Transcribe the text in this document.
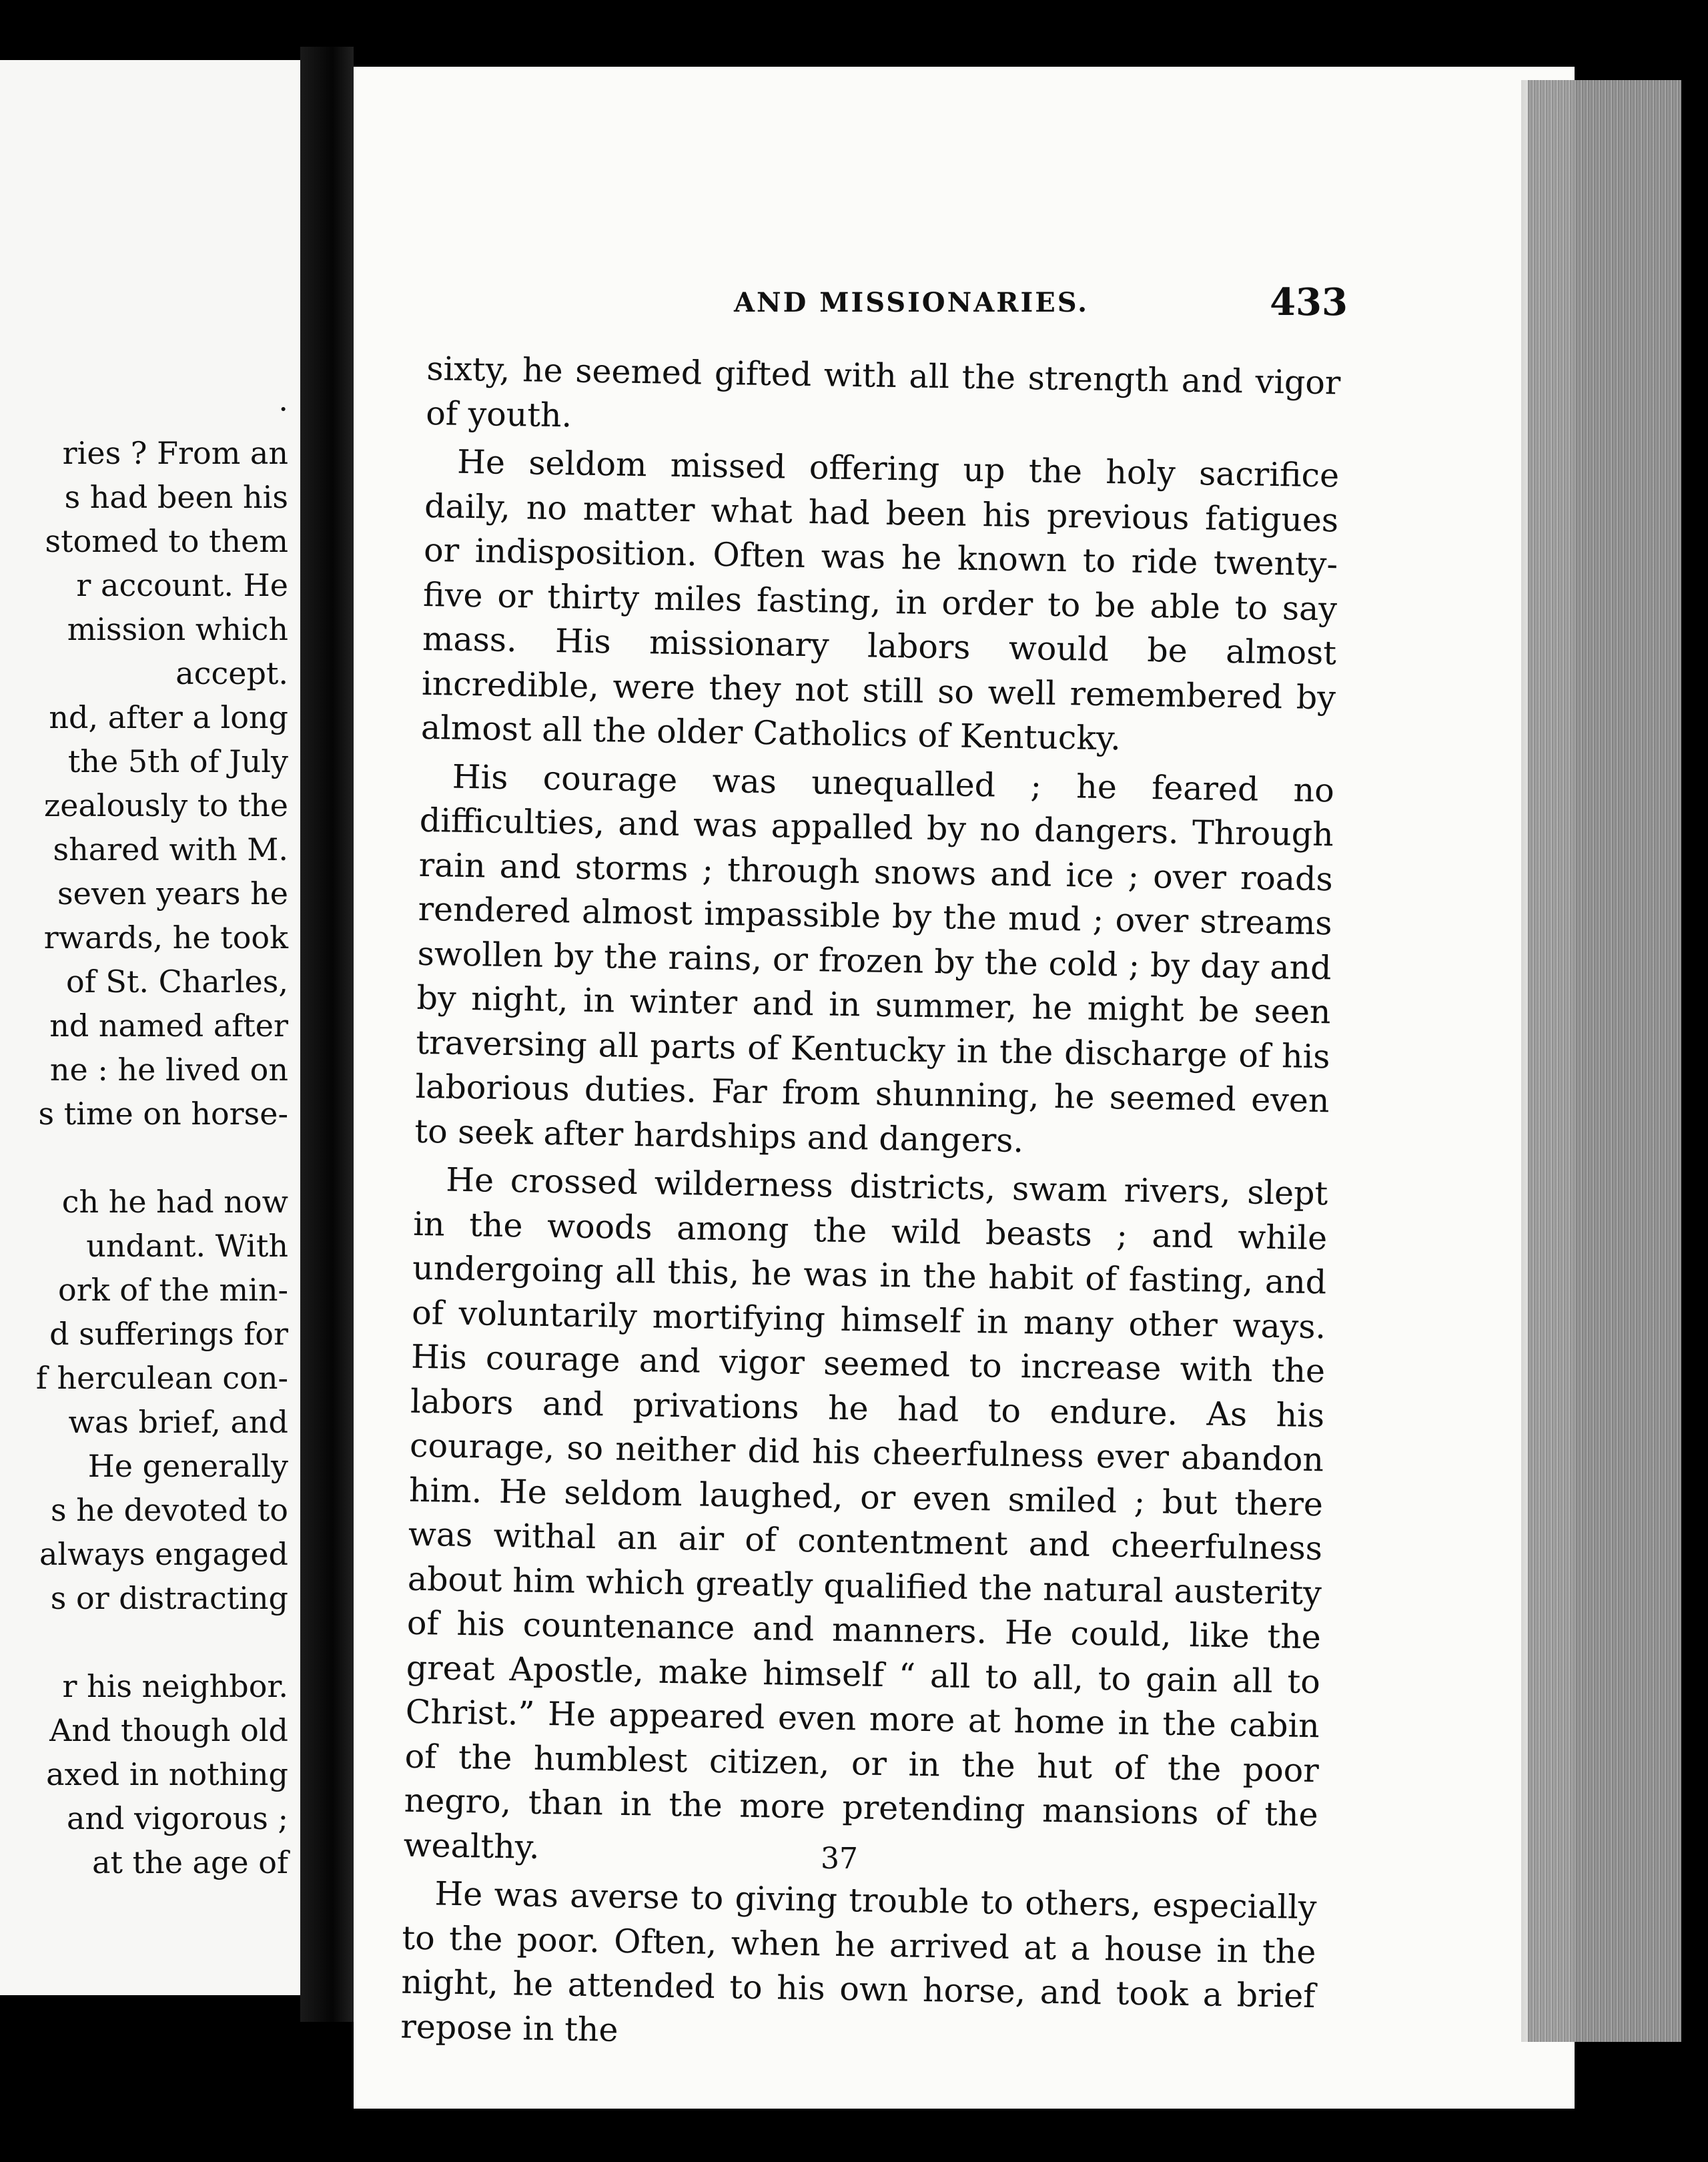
·
ries ? From an
s had been his
stomed to them
r account. He
mission which
accept.
nd, after a long
the 5th of July
zealously to the
shared with M.
seven years he
rwards, he took
of St. Charles,
nd named after
ne : he lived on
s time on horse-
ch he had now
undant. With
ork of the min-
d sufferings for
f herculean con-
was brief, and
He generally
s he devoted to
always engaged
s or distracting
r his neighbor.
And though old
axed in nothing
and vigorous ;
at the age of
AND MISSIONARIES.	433

sixty, he seemed gifted with all the strength and vigor of youth.

He seldom missed offering up the holy sacrifice daily, no matter what had been his previous fatigues or indisposition. Often was he known to ride twenty-five or thirty miles fasting, in order to be able to say mass. His missionary labors would be almost incredible, were they not still so well remembered by almost all the older Catholics of Kentucky.

His courage was unequalled ; he feared no difficulties, and was appalled by no dangers. Through rain and storms ; through snows and ice ; over roads rendered almost impassible by the mud ; over streams swollen by the rains, or frozen by the cold ; by day and by night, in winter and in summer, he might be seen traversing all parts of Kentucky in the discharge of his laborious duties. Far from shunning, he seemed even to seek after hardships and dangers.

He crossed wilderness districts, swam rivers, slept in the woods among the wild beasts ; and while undergoing all this, he was in the habit of fasting, and of voluntarily mortifying himself in many other ways. His courage and vigor seemed to increase with the labors and privations he had to endure. As his courage, so neither did his cheerfulness ever abandon him. He seldom laughed, or even smiled ; but there was withal an air of contentment and cheerfulness about him which greatly qualified the natural austerity of his countenance and manners. He could, like the great Apostle, make himself “ all to all, to gain all to Christ.” He appeared even more at home in the cabin of the humblest citizen, or in the hut of the poor negro, than in the more pretending mansions of the wealthy.

He was averse to giving trouble to others, especially to the poor. Often, when he arrived at a house in the night, he attended to his own horse, and took a brief repose in the

37
